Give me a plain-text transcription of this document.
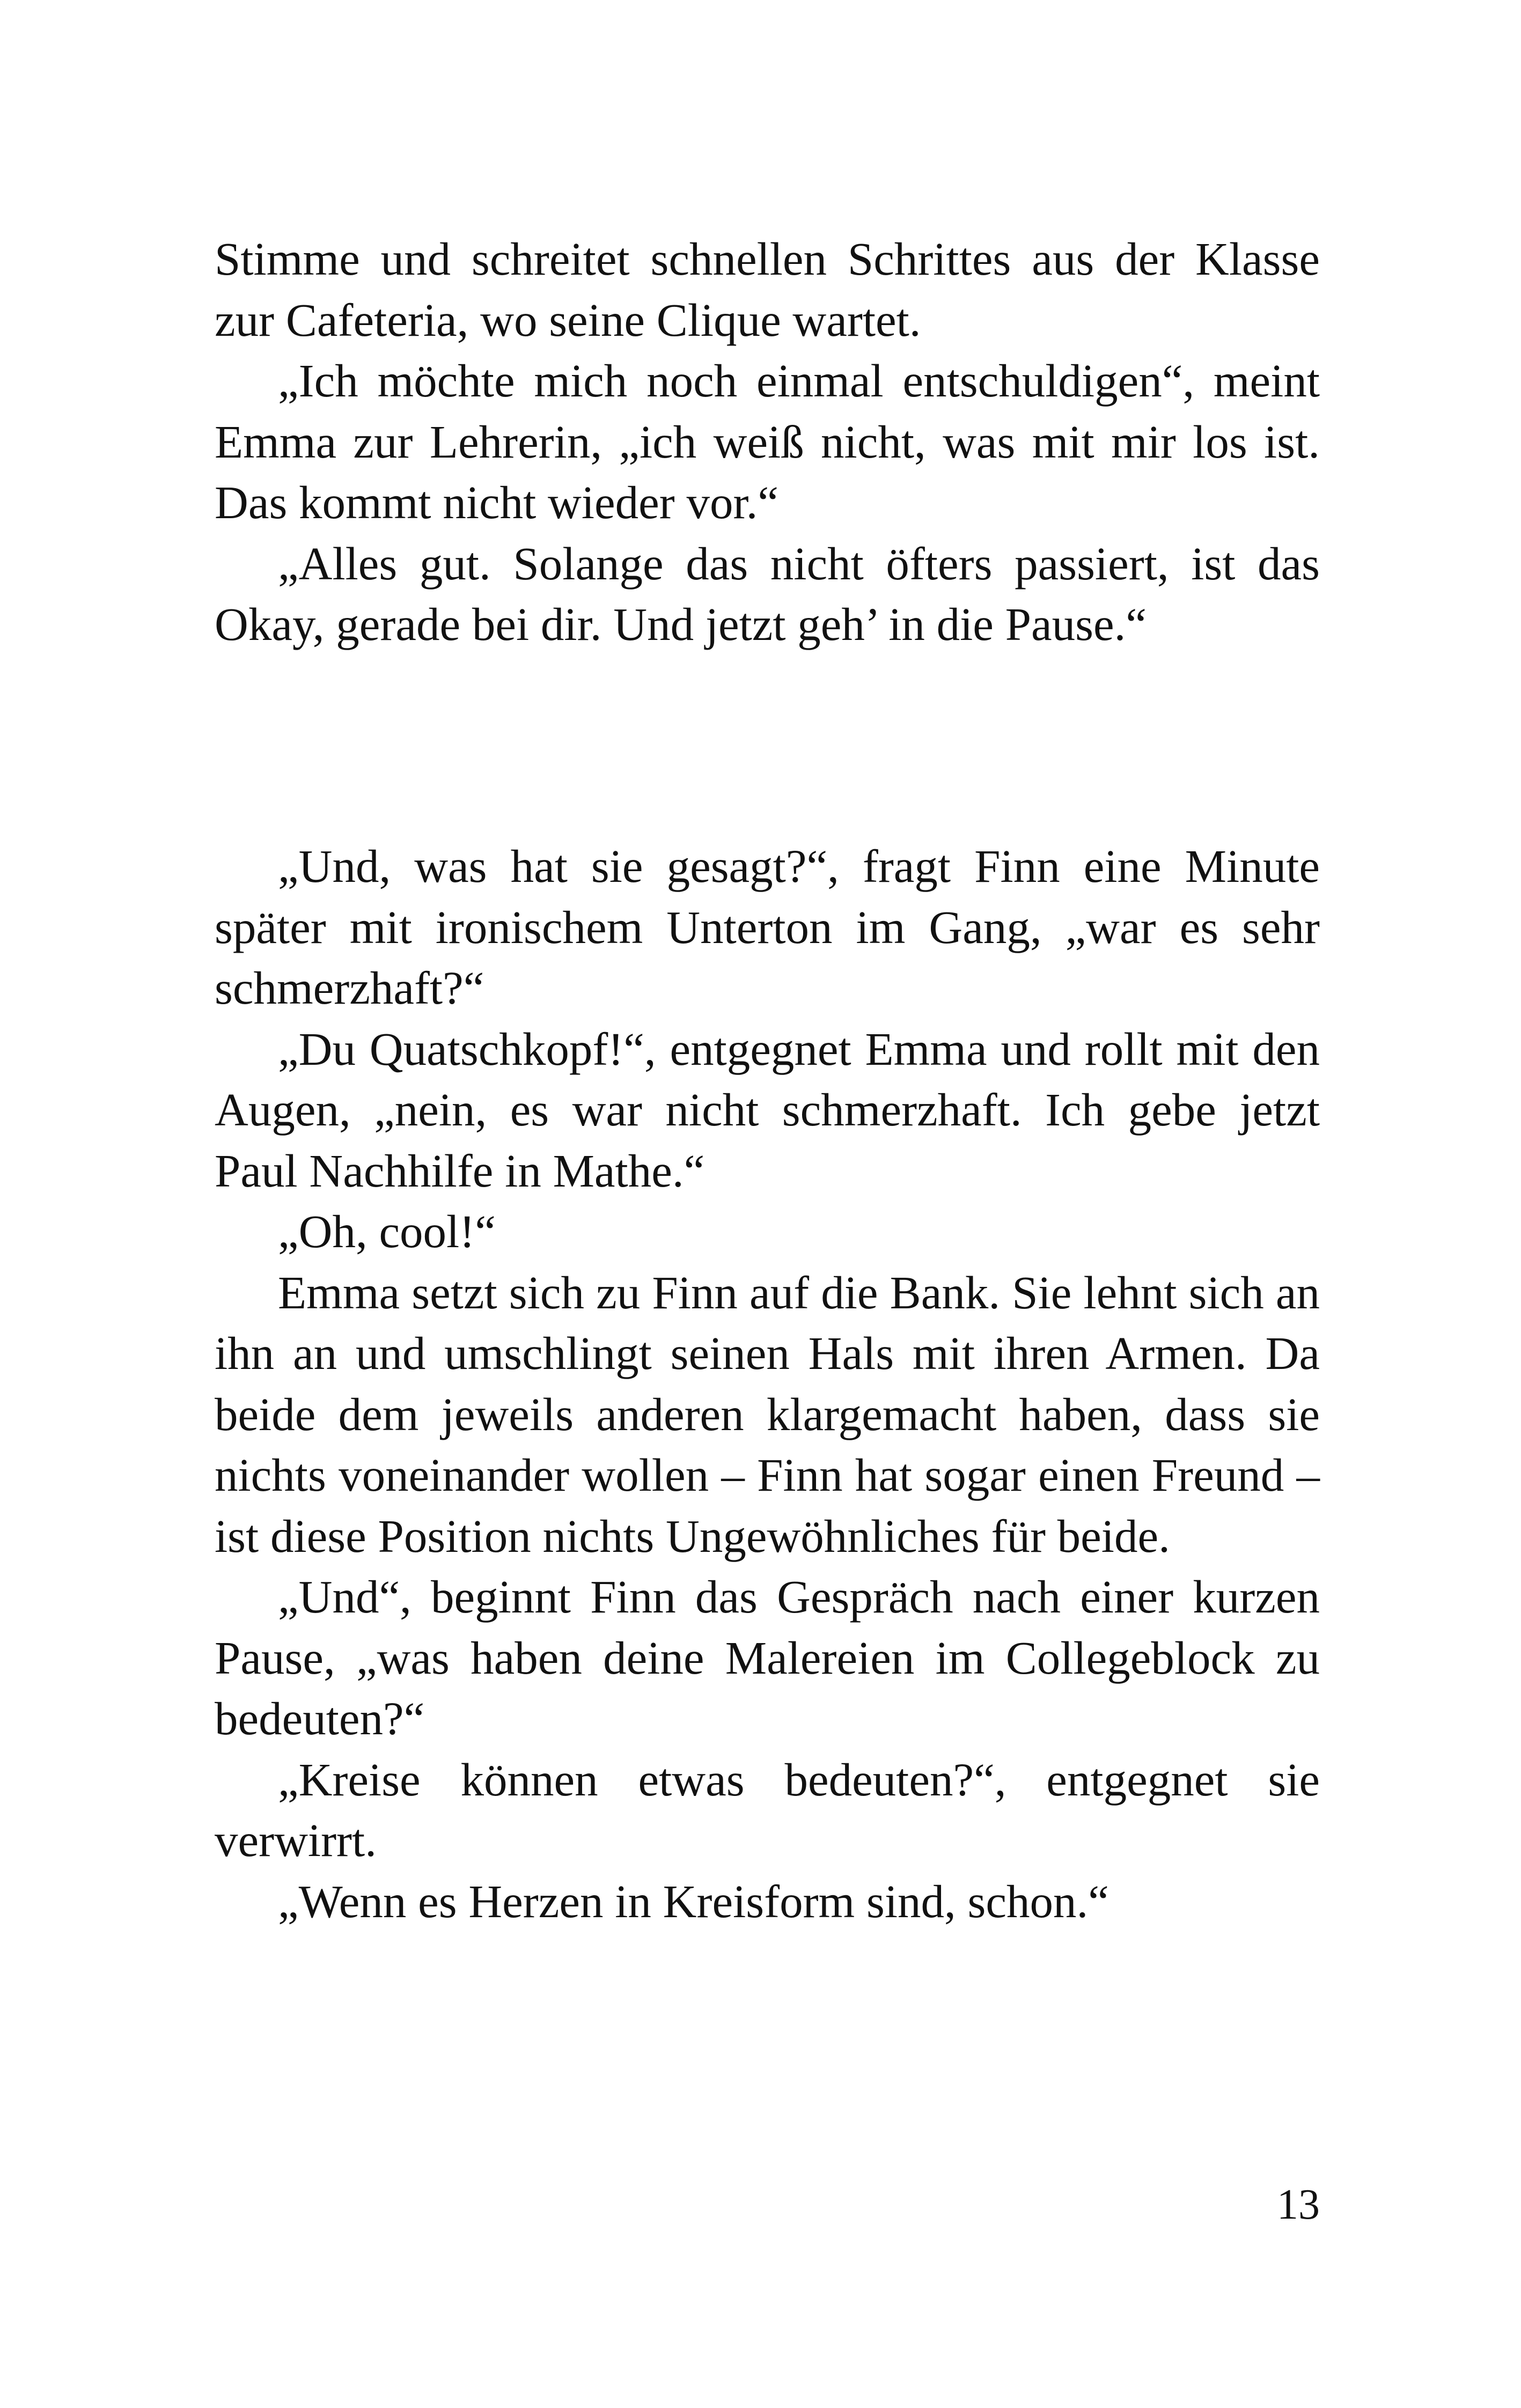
Stimme und schreitet schnellen Schrittes aus der Klasse zur Cafeteria, wo seine Clique wartet.

„Ich möchte mich noch einmal entschuldigen“, meint Emma zur Lehrerin, „ich weiß nicht, was mit mir los ist. Das kommt nicht wieder vor.“

„Alles gut. Solange das nicht öfters passiert, ist das Okay, gerade bei dir. Und jetzt geh’ in die Pause.“

„Und, was hat sie gesagt?“, fragt Finn eine Minute später mit ironischem Unterton im Gang, „war es sehr schmerzhaft?“

„Du Quatschkopf!“, entgegnet Emma und rollt mit den Augen, „nein, es war nicht schmerzhaft. Ich gebe jetzt Paul Nachhilfe in Mathe.“

„Oh, cool!“

Emma setzt sich zu Finn auf die Bank. Sie lehnt sich an ihn an und umschlingt seinen Hals mit ihren Armen. Da beide dem jeweils anderen klargemacht haben, dass sie nichts voneinander wollen – Finn hat sogar einen Freund – ist diese Position nichts Ungewöhnliches für beide.

„Und“, beginnt Finn das Gespräch nach einer kurzen Pause, „was haben deine Malereien im Collegeblock zu bedeuten?“

„Kreise können etwas bedeuten?“, entgegnet sie verwirrt.

„Wenn es Herzen in Kreisform sind, schon.“

13
